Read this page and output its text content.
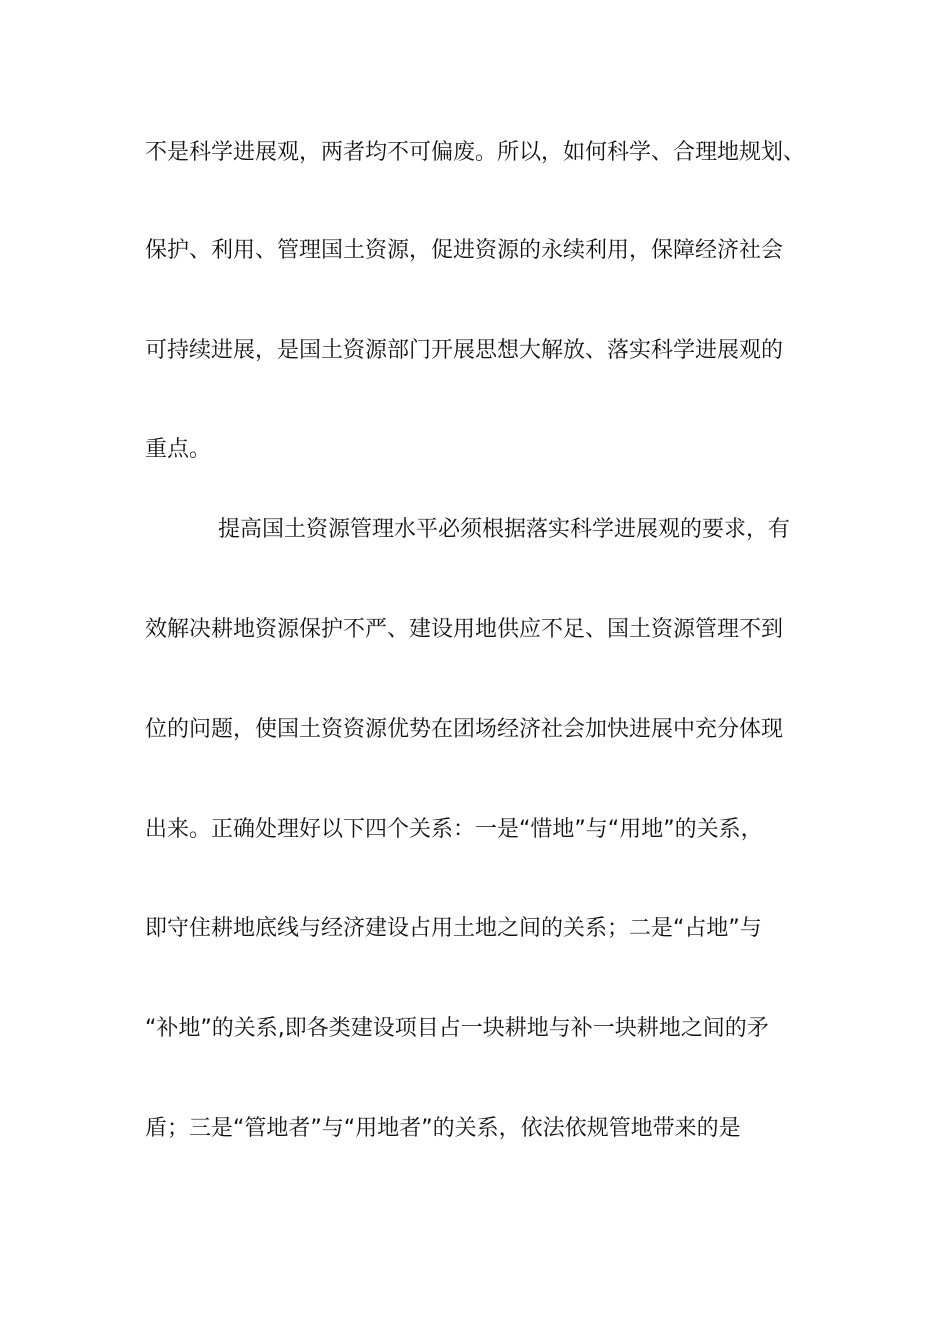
不是科学进展观，两者均不可偏废。所以，如何科学、合理地规划、
保护、利用、管理国土资源，促进资源的永续利用，保障经济社会
可持续进展，是国土资源部门开展思想大解放、落实科学进展观的
重点。
提高国土资源管理水平必须根据落实科学进展观的要求，有
效解决耕地资源保护不严、建设用地供应不足、国土资源管理不到
位的问题，使国土资资源优势在团场经济社会加快进展中充分体现
出来。正确处理好以下四个关系：一是“惜地”与“用地”的关系，
即守住耕地底线与经济建设占用土地之间的关系；二是“占地”与
“补地”的关系,即各类建设项目占一块耕地与补一块耕地之间的矛
盾；三是“管地者”与“用地者”的关系，依法依规管地带来的是
